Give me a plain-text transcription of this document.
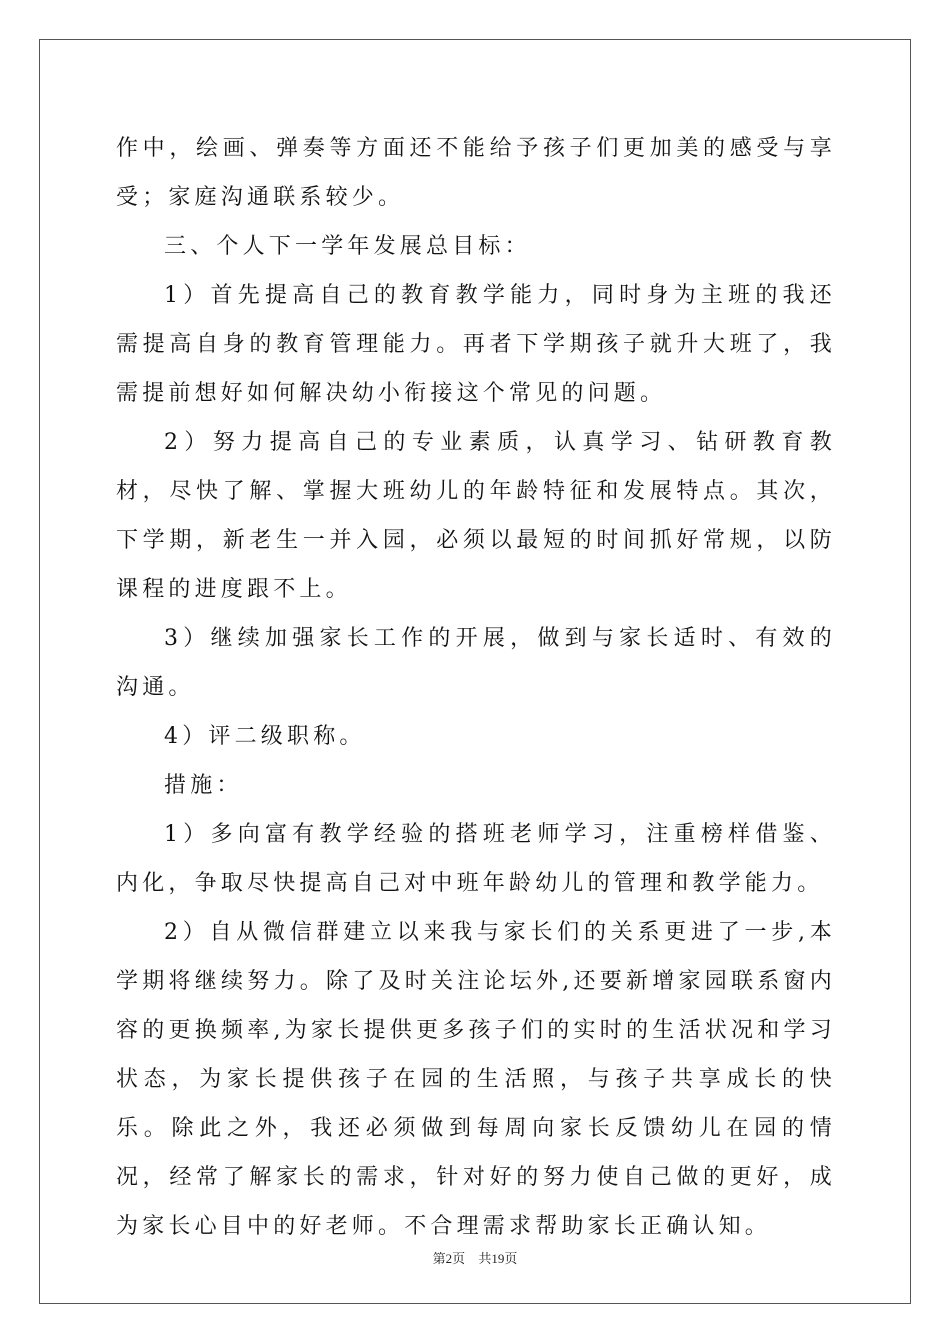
作中，绘画、弹奏等方面还不能给予孩子们更加美的感受与享受；家庭沟通联系较少。

三、个人下一学年发展总目标：

1）首先提高自己的教育教学能力，同时身为主班的我还需提高自身的教育管理能力。再者下学期孩子就升大班了，我需提前想好如何解决幼小衔接这个常见的问题。

2）努力提高自己的专业素质，认真学习、钻研教育教材，尽快了解、掌握大班幼儿的年龄特征和发展特点。其次，下学期，新老生一并入园，必须以最短的时间抓好常规，以防课程的进度跟不上。

3）继续加强家长工作的开展，做到与家长适时、有效的沟通。

4）评二级职称。

措施：

1）多向富有教学经验的搭班老师学习，注重榜样借鉴、内化，争取尽快提高自己对中班年龄幼儿的管理和教学能力。

2）自从微信群建立以来我与家长们的关系更进了一步,本学期将继续努力。除了及时关注论坛外,还要新增家园联系窗内容的更换频率,为家长提供更多孩子们的实时的生活状况和学习状态，为家长提供孩子在园的生活照，与孩子共享成长的快乐。除此之外，我还必须做到每周向家长反馈幼儿在园的情况，经常了解家长的需求，针对好的努力使自己做的更好，成为家长心目中的好老师。不合理需求帮助家长正确认知。

第2页 共19页
